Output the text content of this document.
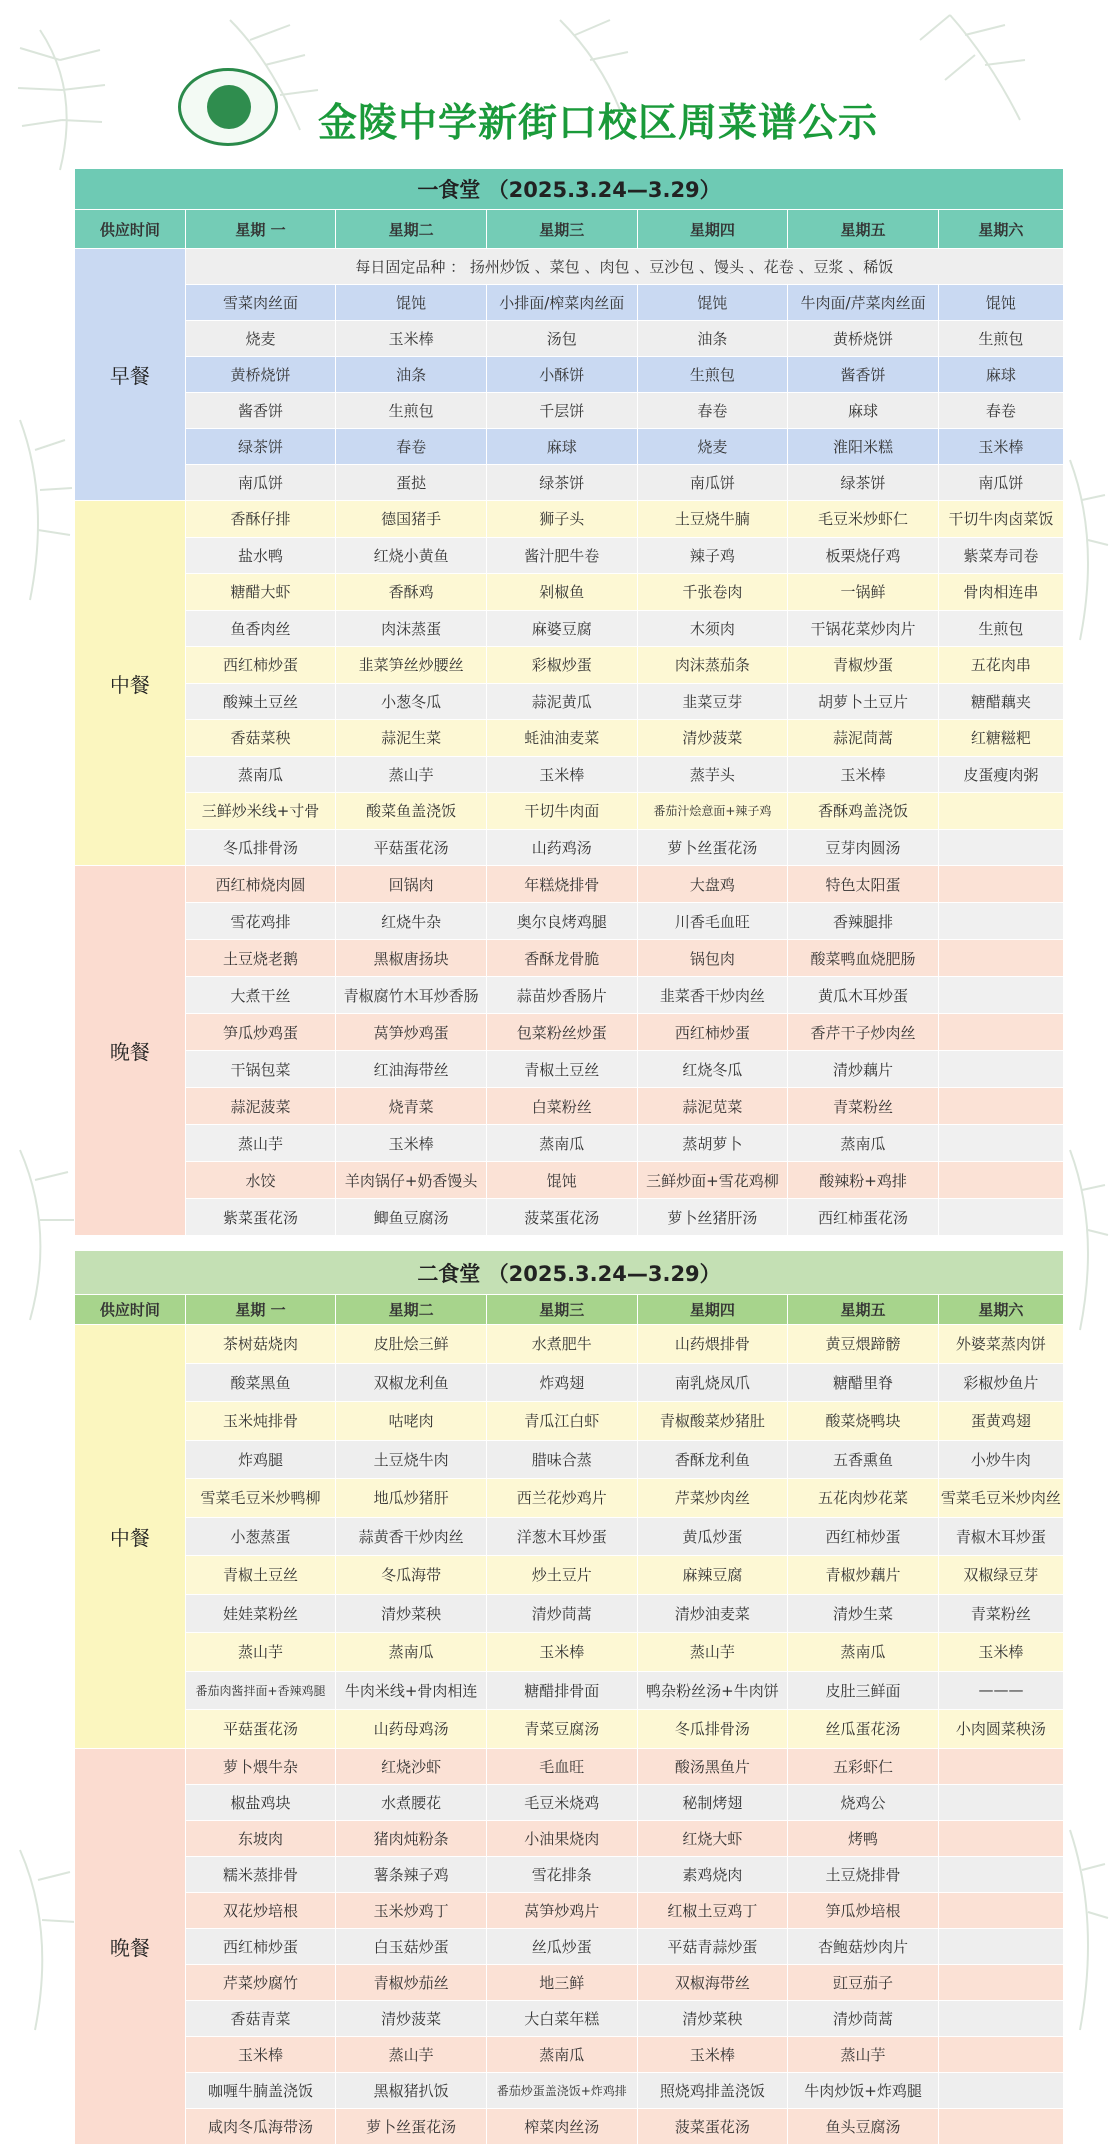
金陵中学新街口校区周菜谱公示
一食堂 （2025.3.24—3.29）						
供应时间	星期 一	星期二	星期三	星期四	星期五	星期六
早餐	每日固定品种 ： 扬州炒饭 、菜包 、肉包 、豆沙包 、馒头 、花卷 、豆浆 、稀饭					
	雪菜肉丝面	馄饨	小排面/榨菜肉丝面	馄饨	牛肉面/芹菜肉丝面	馄饨
	烧麦	玉米棒	汤包	油条	黄桥烧饼	生煎包
	黄桥烧饼	油条	小酥饼	生煎包	酱香饼	麻球
	酱香饼	生煎包	千层饼	春卷	麻球	春卷
	绿茶饼	春卷	麻球	烧麦	淮阳米糕	玉米棒
	南瓜饼	蛋挞	绿茶饼	南瓜饼	绿茶饼	南瓜饼
中餐	香酥仔排	德国猪手	狮子头	土豆烧牛腩	毛豆米炒虾仁	干切牛肉卤菜饭
	盐水鸭	红烧小黄鱼	酱汁肥牛卷	辣子鸡	板栗烧仔鸡	紫菜寿司卷
	糖醋大虾	香酥鸡	剁椒鱼	千张卷肉	一锅鲜	骨肉相连串
	鱼香肉丝	肉沫蒸蛋	麻婆豆腐	木须肉	干锅花菜炒肉片	生煎包
	西红柿炒蛋	韭菜笋丝炒腰丝	彩椒炒蛋	肉沫蒸茄条	青椒炒蛋	五花肉串
	酸辣土豆丝	小葱冬瓜	蒜泥黄瓜	韭菜豆芽	胡萝卜土豆片	糖醋藕夹
	香菇菜秧	蒜泥生菜	蚝油油麦菜	清炒菠菜	蒜泥茼蒿	红糖糍粑
	蒸南瓜	蒸山芋	玉米棒	蒸芋头	玉米棒	皮蛋瘦肉粥
	三鲜炒米线+寸骨	酸菜鱼盖浇饭	干切牛肉面	番茄汁烩意面+辣子鸡	香酥鸡盖浇饭	
	冬瓜排骨汤	平菇蛋花汤	山药鸡汤	萝卜丝蛋花汤	豆芽肉圆汤	
晚餐	西红柿烧肉圆	回锅肉	年糕烧排骨	大盘鸡	特色太阳蛋	
	雪花鸡排	红烧牛杂	奥尔良烤鸡腿	川香毛血旺	香辣腿排	
	土豆烧老鹅	黑椒唐扬块	香酥龙骨脆	锅包肉	酸菜鸭血烧肥肠	
	大煮干丝	青椒腐竹木耳炒香肠	蒜苗炒香肠片	韭菜香干炒肉丝	黄瓜木耳炒蛋	
	笋瓜炒鸡蛋	莴笋炒鸡蛋	包菜粉丝炒蛋	西红柿炒蛋	香芹干子炒肉丝	
	干锅包菜	红油海带丝	青椒土豆丝	红烧冬瓜	清炒藕片	
	蒜泥菠菜	烧青菜	白菜粉丝	蒜泥苋菜	青菜粉丝	
	蒸山芋	玉米棒	蒸南瓜	蒸胡萝卜	蒸南瓜	
	水饺	羊肉锅仔+奶香馒头	馄饨	三鲜炒面+雪花鸡柳	酸辣粉+鸡排	
	紫菜蛋花汤	鲫鱼豆腐汤	菠菜蛋花汤	萝卜丝猪肝汤	西红柿蛋花汤	
二食堂 （2025.3.24—3.29）						
供应时间	星期 一	星期二	星期三	星期四	星期五	星期六
中餐	茶树菇烧肉	皮肚烩三鲜	水煮肥牛	山药煨排骨	黄豆煨蹄髈	外婆菜蒸肉饼
	酸菜黑鱼	双椒龙利鱼	炸鸡翅	南乳烧凤爪	糖醋里脊	彩椒炒鱼片
	玉米炖排骨	咕咾肉	青瓜江白虾	青椒酸菜炒猪肚	酸菜烧鸭块	蛋黄鸡翅
	炸鸡腿	土豆烧牛肉	腊味合蒸	香酥龙利鱼	五香熏鱼	小炒牛肉
	雪菜毛豆米炒鸭柳	地瓜炒猪肝	西兰花炒鸡片	芹菜炒肉丝	五花肉炒花菜	雪菜毛豆米炒肉丝
	小葱蒸蛋	蒜黄香干炒肉丝	洋葱木耳炒蛋	黄瓜炒蛋	西红柿炒蛋	青椒木耳炒蛋
	青椒土豆丝	冬瓜海带	炒土豆片	麻辣豆腐	青椒炒藕片	双椒绿豆芽
	娃娃菜粉丝	清炒菜秧	清炒茼蒿	清炒油麦菜	清炒生菜	青菜粉丝
	蒸山芋	蒸南瓜	玉米棒	蒸山芋	蒸南瓜	玉米棒
	番茄肉酱拌面+香辣鸡腿	牛肉米线+骨肉相连	糖醋排骨面	鸭杂粉丝汤+牛肉饼	皮肚三鲜面	———
	平菇蛋花汤	山药母鸡汤	青菜豆腐汤	冬瓜排骨汤	丝瓜蛋花汤	小肉圆菜秧汤
晚餐	萝卜煨牛杂	红烧沙虾	毛血旺	酸汤黑鱼片	五彩虾仁	
	椒盐鸡块	水煮腰花	毛豆米烧鸡	秘制烤翅	烧鸡公	
	东坡肉	猪肉炖粉条	小油果烧肉	红烧大虾	烤鸭	
	糯米蒸排骨	薯条辣子鸡	雪花排条	素鸡烧肉	土豆烧排骨	
	双花炒培根	玉米炒鸡丁	莴笋炒鸡片	红椒土豆鸡丁	笋瓜炒培根	
	西红柿炒蛋	白玉菇炒蛋	丝瓜炒蛋	平菇青蒜炒蛋	杏鲍菇炒肉片	
	芹菜炒腐竹	青椒炒茄丝	地三鲜	双椒海带丝	豇豆茄子	
	香菇青菜	清炒菠菜	大白菜年糕	清炒菜秧	清炒茼蒿	
	玉米棒	蒸山芋	蒸南瓜	玉米棒	蒸山芋	
	咖喱牛腩盖浇饭	黑椒猪扒饭	番茄炒蛋盖浇饭+炸鸡排	照烧鸡排盖浇饭	牛肉炒饭+炸鸡腿	
	咸肉冬瓜海带汤	萝卜丝蛋花汤	榨菜肉丝汤	菠菜蛋花汤	鱼头豆腐汤	
